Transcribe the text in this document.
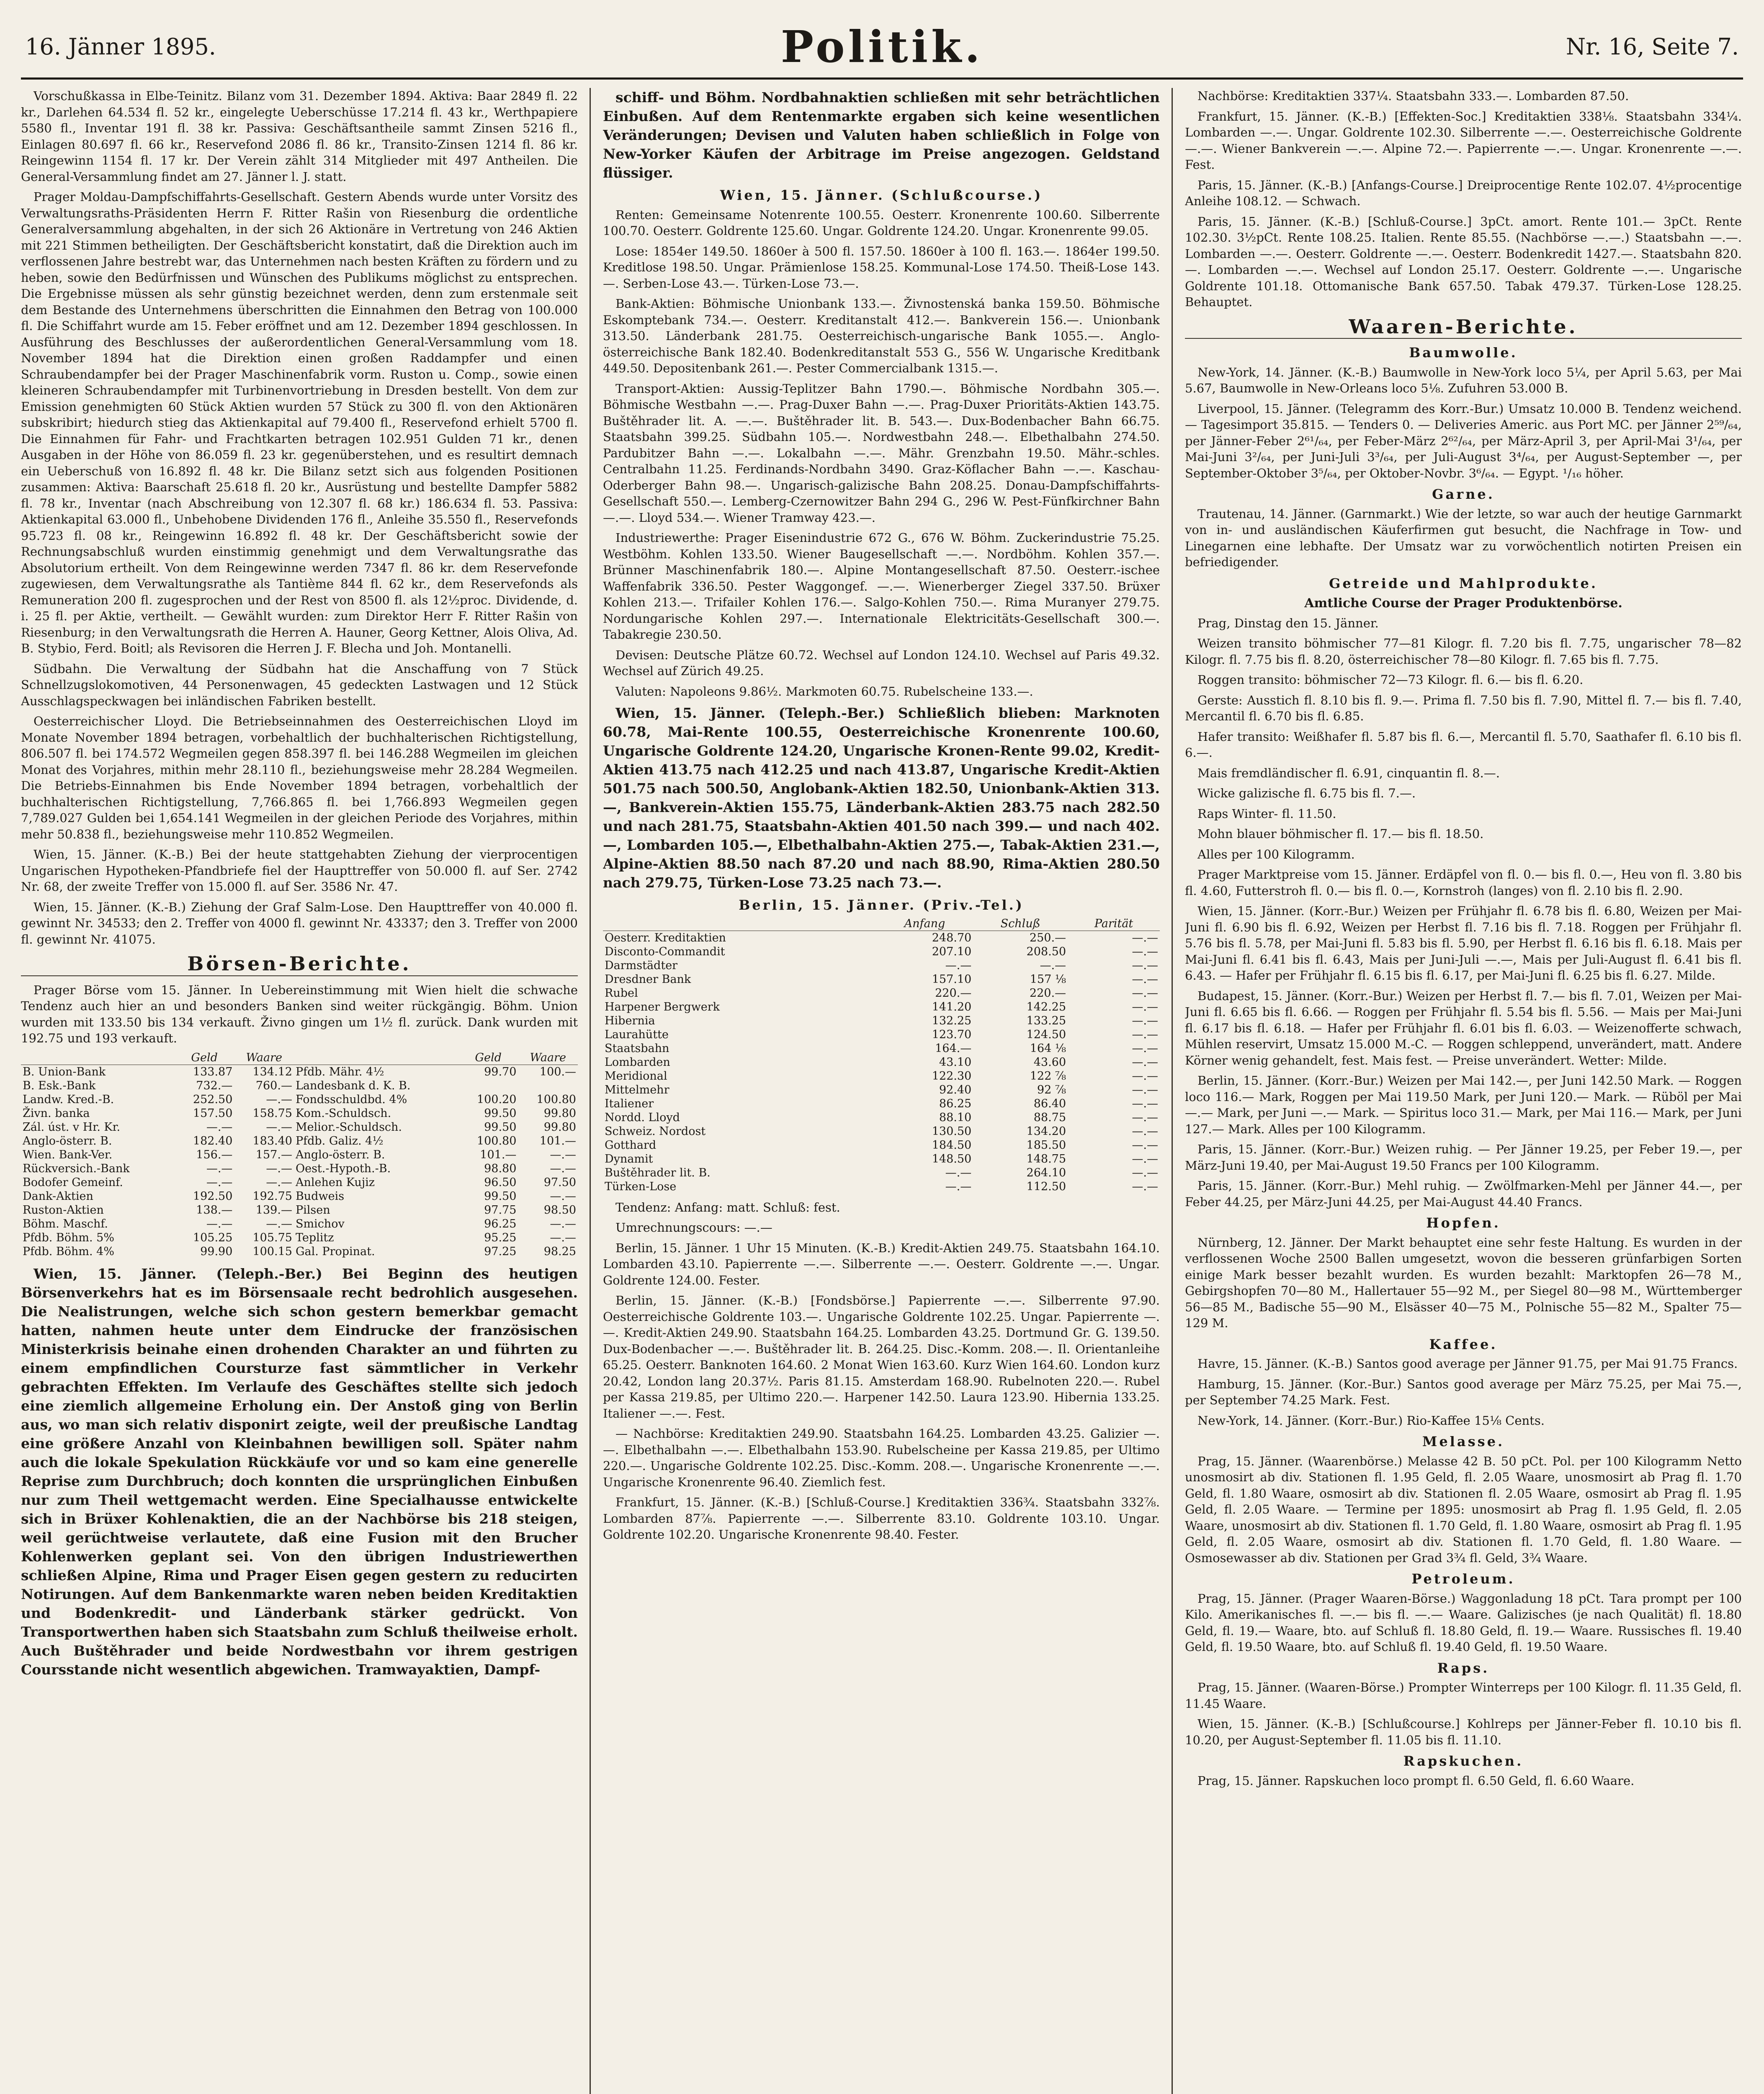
16. Jänner 1895.	Politik.	Nr. 16, Seite 7.

Vorschußkassa in Elbe-Teinitz. Bilanz vom 31. Dezember 1894. Aktiva: Baar 2849 fl. 22 kr., Darlehen 64.534 fl. 52 kr., eingelegte Ueberschüsse 17.214 fl. 43 kr., Werthpapiere 5580 fl., Inventar 191 fl. 38 kr. Passiva: Geschäftsantheile sammt Zinsen 5216 fl., Einlagen 80.697 fl. 66 kr., Reservefond 2086 fl. 86 kr., Transito-Zinsen 1214 fl. 86 kr. Reingewinn 1154 fl. 17 kr. Der Verein zählt 314 Mitglieder mit 497 Antheilen. Die General-Versammlung findet am 27. Jänner l. J. statt.

Prager Moldau-Dampfschiffahrts-Gesellschaft. Gestern Abends wurde unter Vorsitz des Verwaltungsraths-Präsidenten Herrn F. Ritter Rašin von Riesenburg die ordentliche Generalversammlung abgehalten, in der sich 26 Aktionäre in Vertretung von 246 Aktien mit 221 Stimmen betheiligten. Der Geschäftsbericht konstatirt, daß die Direktion auch im verflossenen Jahre bestrebt war, das Unternehmen nach besten Kräften zu fördern und zu heben, sowie den Bedürfnissen und Wünschen des Publikums möglichst zu entsprechen. Die Ergebnisse müssen als sehr günstig bezeichnet werden, denn zum erstenmale seit dem Bestande des Unternehmens überschritten die Einnahmen den Betrag von 100.000 fl. Die Schiffahrt wurde am 15. Feber eröffnet und am 12. Dezember 1894 geschlossen. In Ausführung des Beschlusses der außerordentlichen General-Versammlung vom 18. November 1894 hat die Direktion einen großen Raddampfer und einen Schraubendampfer bei der Prager Maschinenfabrik vorm. Ruston u. Comp., sowie einen kleineren Schraubendampfer mit Turbinenvortriebung in Dresden bestellt. Von dem zur Emission genehmigten 60 Stück Aktien wurden 57 Stück zu 300 fl. von den Aktionären subskribirt; hiedurch stieg das Aktienkapital auf 79.400 fl., Reservefond erhielt 5700 fl. Die Einnahmen für Fahr- und Frachtkarten betragen 102.951 Gulden 71 kr., denen Ausgaben in der Höhe von 86.059 fl. 23 kr. gegenüberstehen, und es resultirt demnach ein Ueberschuß von 16.892 fl. 48 kr. Die Bilanz setzt sich aus folgenden Positionen zusammen: Aktiva: Baarschaft 25.618 fl. 20 kr., Ausrüstung und bestellte Dampfer 5882 fl. 78 kr., Inventar (nach Abschreibung von 12.307 fl. 68 kr.) 186.634 fl. 53. Passiva: Aktienkapital 63.000 fl., Unbehobene Dividenden 176 fl., Anleihe 35.550 fl., Reservefonds 95.723 fl. 08 kr., Reingewinn 16.892 fl. 48 kr. Der Geschäftsbericht sowie der Rechnungsabschluß wurden einstimmig genehmigt und dem Verwaltungsrathe das Absolutorium ertheilt. Von dem Reingewinne werden 7347 fl. 86 kr. dem Reservefonde zugewiesen, dem Verwaltungsrathe als Tantième 844 fl. 62 kr., dem Reservefonds als Remuneration 200 fl. zugesprochen und der Rest von 8500 fl. als 12½proc. Dividende, d. i. 25 fl. per Aktie, vertheilt. — Gewählt wurden: zum Direktor Herr F. Ritter Rašin von Riesenburg; in den Verwaltungsrath die Herren A. Hauner, Georg Kettner, Alois Oliva, Ad. B. Stybio, Ferd. Boitl; als Revisoren die Herren J. F. Blecha und Joh. Montanelli.

Südbahn. Die Verwaltung der Südbahn hat die Anschaffung von 7 Stück Schnellzugslokomotiven, 44 Personenwagen, 45 gedeckten Lastwagen und 12 Stück Ausschlagspeckwagen bei inländischen Fabriken bestellt.

Oesterreichischer Lloyd. Die Betriebseinnahmen des Oesterreichischen Lloyd im Monate November 1894 betragen, vorbehaltlich der buchhalterischen Richtigstellung, 806.507 fl. bei 174.572 Wegmeilen gegen 858.397 fl. bei 146.288 Wegmeilen im gleichen Monat des Vorjahres, mithin mehr 28.110 fl., beziehungsweise mehr 28.284 Wegmeilen. Die Betriebs-Einnahmen bis Ende November 1894 betragen, vorbehaltlich der buchhalterischen Richtigstellung, 7,766.865 fl. bei 1,766.893 Wegmeilen gegen 7,789.027 Gulden bei 1,654.141 Wegmeilen in der gleichen Periode des Vorjahres, mithin mehr 50.838 fl., beziehungsweise mehr 110.852 Wegmeilen.

Wien, 15. Jänner. (K.-B.) Bei der heute stattgehabten Ziehung der vierprocentigen Ungarischen Hypotheken-Pfandbriefe fiel der Haupttreffer von 50.000 fl. auf Ser. 2742 Nr. 68, der zweite Treffer von 15.000 fl. auf Ser. 3586 Nr. 47.

Wien, 15. Jänner. (K.-B.) Ziehung der Graf Salm-Lose. Den Haupttreffer von 40.000 fl. gewinnt Nr. 34533; den 2. Treffer von 4000 fl. gewinnt Nr. 43337; den 3. Treffer von 2000 fl. gewinnt Nr. 41075.

Börsen-Berichte.

Prager Börse vom 15. Jänner. In Uebereinstimmung mit Wien hielt die schwache Tendenz auch hier an und besonders Banken sind weiter rückgängig. Böhm. Union wurden mit 133.50 bis 134 verkauft. Živno gingen um 1½ fl. zurück. Dank wurden mit 192.75 und 193 verkauft.

	Geld	Waare		Geld	Waare
B. Union-Bank	133.87	134.12	Pfdb. Mähr. 4½	99.70	100.—
B. Esk.-Bank	732.—	760.—	Landesbank d. K. B.		
Landw. Kred.-B.	252.50	—.—	Fondsschuldbd. 4%	100.20	100.80
Živn. banka	157.50	158.75	Kom.-Schuldsch.	99.50	99.80
Zál. úst. v Hr. Kr.	—.—	—.—	Melior.-Schuldsch.	99.50	99.80
Anglo-österr. B.	182.40	183.40	Pfdb. Galiz. 4½	100.80	101.—
Wien. Bank-Ver.	156.—	157.—	Anglo-österr. B.	101.—	—.—
Rückversich.-Bank	—.—	—.—	Oest.-Hypoth.-B.	98.80	—.—
Bodofer Gemeinf.	—.—	—.—	Anlehen Kujiz	96.50	97.50
Dank-Aktien	192.50	192.75	Budweis	99.50	—.—
Ruston-Aktien	138.—	139.—	Pilsen	97.75	98.50
Böhm. Maschf.	—.—	—.—	Smichov	96.25	—.—
Pfdb. Böhm. 5%	105.25	105.75	Teplitz	95.25	—.—
Pfdb. Böhm. 4%	99.90	100.15	Gal. Propinat.	97.25	98.25

Wien, 15. Jänner. (Teleph.-Ber.) Bei Beginn des heutigen Börsenverkehrs hat es im Börsensaale recht bedrohlich ausgesehen. Die Nealistrungen, welche sich schon gestern bemerkbar gemacht hatten, nahmen heute unter dem Eindrucke der französischen Ministerkrisis beinahe einen drohenden Charakter an und führten zu einem empfindlichen Coursturze fast sämmtlicher in Verkehr gebrachten Effekten. Im Verlaufe des Geschäftes stellte sich jedoch eine ziemlich allgemeine Erholung ein. Der Anstoß ging von Berlin aus, wo man sich relativ disponirt zeigte, weil der preußische Landtag eine größere Anzahl von Kleinbahnen bewilligen soll. Später nahm auch die lokale Spekulation Rückkäufe vor und so kam eine generelle Reprise zum Durchbruch; doch konnten die ursprünglichen Einbußen nur zum Theil wettgemacht werden. Eine Specialhausse entwickelte sich in Brüxer Kohlenaktien, die an der Nachbörse bis 218 steigen, weil gerüchtweise verlautete, daß eine Fusion mit den Brucher Kohlenwerken geplant sei. Von den übrigen Industriewerthen schließen Alpine, Rima und Prager Eisen gegen gestern zu reducirten Notirungen. Auf dem Bankenmarkte waren neben beiden Kreditaktien und Bodenkredit- und Länderbank stärker gedrückt. Von Transportwerthen haben sich Staatsbahn zum Schluß theilweise erholt. Auch Buštěhrader und beide Nordwestbahn vor ihrem gestrigen Coursstande nicht wesentlich abgewichen. Tramwayaktien, Dampf-

schiff- und Böhm. Nordbahnaktien schließen mit sehr beträchtlichen Einbußen. Auf dem Rentenmarkte ergaben sich keine wesentlichen Veränderungen; Devisen und Valuten haben schließlich in Folge von New-Yorker Käufen der Arbitrage im Preise angezogen. Geldstand flüssiger.

Wien, 15. Jänner. (Schlußcourse.)

Renten: Gemeinsame Notenrente 100.55. Oesterr. Kronenrente 100.60. Silberrente 100.70. Oesterr. Goldrente 125.60. Ungar. Goldrente 124.20. Ungar. Kronenrente 99.05.

Lose: 1854er 149.50. 1860er à 500 fl. 157.50. 1860er à 100 fl. 163.—. 1864er 199.50. Kreditlose 198.50. Ungar. Prämienlose 158.25. Kommunal-Lose 174.50. Theiß-Lose 143.—. Serben-Lose 43.—. Türken-Lose 73.—.

Bank-Aktien: Böhmische Unionbank 133.—. Živnostenská banka 159.50. Böhmische Eskomptebank 734.—. Oesterr. Kreditanstalt 412.—. Bankverein 156.—. Unionbank 313.50. Länderbank 281.75. Oesterreichisch-ungarische Bank 1055.—. Anglo-österreichische Bank 182.40. Bodenkreditanstalt 553 G., 556 W. Ungarische Kreditbank 449.50. Depositenbank 261.—. Pester Commercialbank 1315.—.

Transport-Aktien: Aussig-Teplitzer Bahn 1790.—. Böhmische Nordbahn 305.—. Böhmische Westbahn —.—. Prag-Duxer Bahn —.—. Prag-Duxer Prioritäts-Aktien 143.75. Buštěhrader lit. A. —.—. Buštěhrader lit. B. 543.—. Dux-Bodenbacher Bahn 66.75. Staatsbahn 399.25. Südbahn 105.—. Nordwestbahn 248.—. Elbethalbahn 274.50. Pardubitzer Bahn —.—. Lokalbahn —.—. Mähr. Grenzbahn 19.50. Mähr.-schles. Centralbahn 11.25. Ferdinands-Nordbahn 3490. Graz-Köflacher Bahn —.—. Kaschau-Oderberger Bahn 98.—. Ungarisch-galizische Bahn 208.25. Donau-Dampfschiffahrts-Gesellschaft 550.—. Lemberg-Czernowitzer Bahn 294 G., 296 W. Pest-Fünfkirchner Bahn —.—. Lloyd 534.—. Wiener Tramway 423.—.

Industriewerthe: Prager Eisenindustrie 672 G., 676 W. Böhm. Zuckerindustrie 75.25. Westböhm. Kohlen 133.50. Wiener Baugesellschaft —.—. Nordböhm. Kohlen 357.—. Brünner Maschinenfabrik 180.—. Alpine Montangesellschaft 87.50. Oesterr.-ischee Waffenfabrik 336.50. Pester Waggongef. —.—. Wienerberger Ziegel 337.50. Brüxer Kohlen 213.—. Trifailer Kohlen 176.—. Salgo-Kohlen 750.—. Rima Muranyer 279.75. Nordungarische Kohlen 297.—. Internationale Elektricitäts-Gesellschaft 300.—. Tabakregie 230.50.

Devisen: Deutsche Plätze 60.72. Wechsel auf London 124.10. Wechsel auf Paris 49.32. Wechsel auf Zürich 49.25.

Valuten: Napoleons 9.86½. Markmoten 60.75. Rubelscheine 133.—.

Wien, 15. Jänner. (Teleph.-Ber.) Schließlich blieben: Marknoten 60.78, Mai-Rente 100.55, Oesterreichische Kronenrente 100.60, Ungarische Goldrente 124.20, Ungarische Kronen-Rente 99.02, Kredit-Aktien 413.75 nach 412.25 und nach 413.87, Ungarische Kredit-Aktien 501.75 nach 500.50, Anglobank-Aktien 182.50, Unionbank-Aktien 313.—, Bankverein-Aktien 155.75, Länderbank-Aktien 283.75 nach 282.50 und nach 281.75, Staatsbahn-Aktien 401.50 nach 399.— und nach 402.—, Lombarden 105.—, Elbethalbahn-Aktien 275.—, Tabak-Aktien 231.—, Alpine-Aktien 88.50 nach 87.20 und nach 88.90, Rima-Aktien 280.50 nach 279.75, Türken-Lose 73.25 nach 73.—.

Berlin, 15. Jänner. (Priv.-Tel.)
	Anfang	Schluß	Parität
Oesterr. Kreditaktien	248.70	250.—	—.—
Disconto-Commandit	207.10	208.50	—.—
Darmstädter	—.—	—.—	—.—
Dresdner Bank	157.10	157 ⅛	—.—
Rubel	220.—	220.—	—.—
Harpener Bergwerk	141.20	142.25	—.—
Hibernia	132.25	133.25	—.—
Laurahütte	123.70	124.50	—.—
Staatsbahn	164.—	164 ⅛	—.—
Lombarden	43.10	43.60	—.—
Meridional	122.30	122 ⅞	—.—
Mittelmehr	92.40	92 ⅞	—.—
Italiener	86.25	86.40	—.—
Nordd. Lloyd	88.10	88.75	—.—
Schweiz. Nordost	130.50	134.20	—.—
Gotthard	184.50	185.50	—.—
Dynamit	148.50	148.75	—.—
Buštěhrader lit. B.	—.—	264.10	—.—
Türken-Lose	—.—	112.50	—.—

Tendenz: Anfang: matt. Schluß: fest.

Umrechnungscours: —.—

Berlin, 15. Jänner. 1 Uhr 15 Minuten. (K.-B.) Kredit-Aktien 249.75. Staatsbahn 164.10. Lombarden 43.10. Papierrente —.—. Silberrente —.—. Oesterr. Goldrente —.—. Ungar. Goldrente 124.00. Fester.

Berlin, 15. Jänner. (K.-B.) [Fondsbörse.] Papierrente —.—. Silberrente 97.90. Oesterreichische Goldrente 103.—. Ungarische Goldrente 102.25. Ungar. Papierrente —.—. Kredit-Aktien 249.90. Staatsbahn 164.25. Lombarden 43.25. Dortmund Gr. G. 139.50. Dux-Bodenbacher —.—. Buštěhrader lit. B. 264.25. Disc.-Komm. 208.—. Il. Orientanleihe 65.25. Oesterr. Banknoten 164.60. 2 Monat Wien 163.60. Kurz Wien 164.60. London kurz 20.42, London lang 20.37½. Paris 81.15. Amsterdam 168.90. Rubelnoten 220.—. Rubel per Kassa 219.85, per Ultimo 220.—. Harpener 142.50. Laura 123.90. Hibernia 133.25. Italiener —.—. Fest.

— Nachbörse: Kreditaktien 249.90. Staatsbahn 164.25. Lombarden 43.25. Galizier —.—. Elbethalbahn —.—. Elbethalbahn 153.90. Rubelscheine per Kassa 219.85, per Ultimo 220.—. Ungarische Goldrente 102.25. Disc.-Komm. 208.—. Ungarische Kronenrente —.—. Ungarische Kronenrente 96.40. Ziemlich fest.

Frankfurt, 15. Jänner. (K.-B.) [Schluß-Course.] Kreditaktien 336¾. Staatsbahn 332⅞. Lombarden 87⅞. Papierrente —.—. Silberrente 83.10. Goldrente 103.10. Ungar. Goldrente 102.20. Ungarische Kronenrente 98.40. Fester.

Nachbörse: Kreditaktien 337¼. Staatsbahn 333.—. Lombarden 87.50.

Frankfurt, 15. Jänner. (K.-B.) [Effekten-Soc.] Kreditaktien 338⅛. Staatsbahn 334¼. Lombarden —.—. Ungar. Goldrente 102.30. Silberrente —.—. Oesterreichische Goldrente —.—. Wiener Bankverein —.—. Alpine 72.—. Papierrente —.—. Ungar. Kronenrente —.—. Fest.

Paris, 15. Jänner. (K.-B.) [Anfangs-Course.] Dreiprocentige Rente 102.07. 4½procentige Anleihe 108.12. — Schwach.

Paris, 15. Jänner. (K.-B.) [Schluß-Course.] 3pCt. amort. Rente 101.— 3pCt. Rente 102.30. 3½pCt. Rente 108.25. Italien. Rente 85.55. (Nachbörse —.—.) Staatsbahn —.—. Lombarden —.—. Oesterr. Goldrente —.—. Oesterr. Bodenkredit 1427.—. Staatsbahn 820.—. Lombarden —.—. Wechsel auf London 25.17. Oesterr. Goldrente —.—. Ungarische Goldrente 101.18. Ottomanische Bank 657.50. Tabak 479.37. Türken-Lose 128.25. Behauptet.

Waaren-Berichte.
Baumwolle.

New-York, 14. Jänner. (K.-B.) Baumwolle in New-York loco 5¼, per April 5.63, per Mai 5.67, Baumwolle in New-Orleans loco 5⅛. Zufuhren 53.000 B.

Liverpool, 15. Jänner. (Telegramm des Korr.-Bur.) Umsatz 10.000 B. Tendenz weichend. — Tagesimport 35.815. — Tenders 0. — Deliveries Americ. aus Port MC. per Jänner 2⁵⁹/₆₄, per Jänner-Feber 2⁶¹/₆₄, per Feber-März 2⁶²/₆₄, per März-April 3, per April-Mai 3¹/₆₄, per Mai-Juni 3²/₆₄, per Juni-Juli 3³/₆₄, per Juli-August 3⁴/₆₄, per August-September —, per September-Oktober 3⁵/₆₄, per Oktober-Novbr. 3⁶/₆₄. — Egypt. ¹/₁₆ höher.

Garne.

Trautenau, 14. Jänner. (Garnmarkt.) Wie der letzte, so war auch der heutige Garnmarkt von in- und ausländischen Käuferfirmen gut besucht, die Nachfrage in Tow- und Linegarnen eine lebhafte. Der Umsatz war zu vorwöchentlich notirten Preisen ein befriedigender.

Getreide und Mahlprodukte.
Amtliche Course der Prager Produktenbörse.

Prag, Dinstag den 15. Jänner.

Weizen transito böhmischer 77—81 Kilogr. fl. 7.20 bis fl. 7.75, ungarischer 78—82 Kilogr. fl. 7.75 bis fl. 8.20, österreichischer 78—80 Kilogr. fl. 7.65 bis fl. 7.75.

Roggen transito: böhmischer 72—73 Kilogr. fl. 6.— bis fl. 6.20.

Gerste: Ausstich fl. 8.10 bis fl. 9.—. Prima fl. 7.50 bis fl. 7.90, Mittel fl. 7.— bis fl. 7.40, Mercantil fl. 6.70 bis fl. 6.85.

Hafer transito: Weißhafer fl. 5.87 bis fl. 6.—, Mercantil fl. 5.70, Saathafer fl. 6.10 bis fl. 6.—.

Mais fremdländischer fl. 6.91, cinquantin fl. 8.—.

Wicke galizische fl. 6.75 bis fl. 7.—.

Raps Winter- fl. 11.50.

Mohn blauer böhmischer fl. 17.— bis fl. 18.50.

Alles per 100 Kilogramm.

Prager Marktpreise vom 15. Jänner. Erdäpfel von fl. 0.— bis fl. 0.—, Heu von fl. 3.80 bis fl. 4.60, Futterstroh fl. 0.— bis fl. 0.—, Kornstroh (langes) von fl. 2.10 bis fl. 2.90.

Wien, 15. Jänner. (Korr.-Bur.) Weizen per Frühjahr fl. 6.78 bis fl. 6.80, Weizen per Mai-Juni fl. 6.90 bis fl. 6.92, Weizen per Herbst fl. 7.16 bis fl. 7.18. Roggen per Frühjahr fl. 5.76 bis fl. 5.78, per Mai-Juni fl. 5.83 bis fl. 5.90, per Herbst fl. 6.16 bis fl. 6.18. Mais per Mai-Juni fl. 6.41 bis fl. 6.43, Mais per Juni-Juli —.—, Mais per Juli-August fl. 6.41 bis fl. 6.43. — Hafer per Frühjahr fl. 6.15 bis fl. 6.17, per Mai-Juni fl. 6.25 bis fl. 6.27. Milde.

Budapest, 15. Jänner. (Korr.-Bur.) Weizen per Herbst fl. 7.— bis fl. 7.01, Weizen per Mai-Juni fl. 6.65 bis fl. 6.66. — Roggen per Frühjahr fl. 5.54 bis fl. 5.56. — Mais per Mai-Juni fl. 6.17 bis fl. 6.18. — Hafer per Frühjahr fl. 6.01 bis fl. 6.03. — Weizenofferte schwach, Mühlen reservirt, Umsatz 15.000 M.-C. — Roggen schleppend, unverändert, matt. Andere Körner wenig gehandelt, fest. Mais fest. — Preise unverändert. Wetter: Milde.

Berlin, 15. Jänner. (Korr.-Bur.) Weizen per Mai 142.—, per Juni 142.50 Mark. — Roggen loco 116.— Mark, Roggen per Mai 119.50 Mark, per Juni 120.— Mark. — Rüböl per Mai —.— Mark, per Juni —.— Mark. — Spiritus loco 31.— Mark, per Mai 116.— Mark, per Juni 127.— Mark. Alles per 100 Kilogramm.

Paris, 15. Jänner. (Korr.-Bur.) Weizen ruhig. — Per Jänner 19.25, per Feber 19.—, per März-Juni 19.40, per Mai-August 19.50 Francs per 100 Kilogramm.

Paris, 15. Jänner. (Korr.-Bur.) Mehl ruhig. — Zwölfmarken-Mehl per Jänner 44.—, per Feber 44.25, per März-Juni 44.25, per Mai-August 44.40 Francs.

Hopfen.

Nürnberg, 12. Jänner. Der Markt behauptet eine sehr feste Haltung. Es wurden in der verflossenen Woche 2500 Ballen umgesetzt, wovon die besseren grünfarbigen Sorten einige Mark besser bezahlt wurden. Es wurden bezahlt: Marktopfen 26—78 M., Gebirgshopfen 70—80 M., Hallertauer 55—92 M., per Siegel 80—98 M., Württemberger 56—85 M., Badische 55—90 M., Elsässer 40—75 M., Polnische 55—82 M., Spalter 75—129 M.

Kaffee.

Havre, 15. Jänner. (K.-B.) Santos good average per Jänner 91.75, per Mai 91.75 Francs.

Hamburg, 15. Jänner. (Kor.-Bur.) Santos good average per März 75.25, per Mai 75.—, per September 74.25 Mark. Fest.

New-York, 14. Jänner. (Korr.-Bur.) Rio-Kaffee 15⅛ Cents.

Melasse.

Prag, 15. Jänner. (Waarenbörse.) Melasse 42 B. 50 pCt. Pol. per 100 Kilogramm Netto unosmosirt ab div. Stationen fl. 1.95 Geld, fl. 2.05 Waare, unosmosirt ab Prag fl. 1.70 Geld, fl. 1.80 Waare, osmosirt ab div. Stationen fl. 2.05 Waare, osmosirt ab Prag fl. 1.95 Geld, fl. 2.05 Waare. — Termine per 1895: unosmosirt ab Prag fl. 1.95 Geld, fl. 2.05 Waare, unosmosirt ab div. Stationen fl. 1.70 Geld, fl. 1.80 Waare, osmosirt ab Prag fl. 1.95 Geld, fl. 2.05 Waare, osmosirt ab div. Stationen fl. 1.70 Geld, fl. 1.80 Waare. — Osmosewasser ab div. Stationen per Grad 3¾ fl. Geld, 3¾ Waare.

Petroleum.

Prag, 15. Jänner. (Prager Waaren-Börse.) Waggonladung 18 pCt. Tara prompt per 100 Kilo. Amerikanisches fl. —.— bis fl. —.— Waare. Galizisches (je nach Qualität) fl. 18.80 Geld, fl. 19.— Waare, bto. auf Schluß fl. 18.80 Geld, fl. 19.— Waare. Russisches fl. 19.40 Geld, fl. 19.50 Waare, bto. auf Schluß fl. 19.40 Geld, fl. 19.50 Waare.

Raps.

Prag, 15. Jänner. (Waaren-Börse.) Prompter Winterreps per 100 Kilogr. fl. 11.35 Geld, fl. 11.45 Waare.

Wien, 15. Jänner. (K.-B.) [Schlußcourse.] Kohlreps per Jänner-Feber fl. 10.10 bis fl. 10.20, per August-September fl. 11.05 bis fl. 11.10.

Rapskuchen.

Prag, 15. Jänner. Rapskuchen loco prompt fl. 6.50 Geld, fl. 6.60 Waare.
